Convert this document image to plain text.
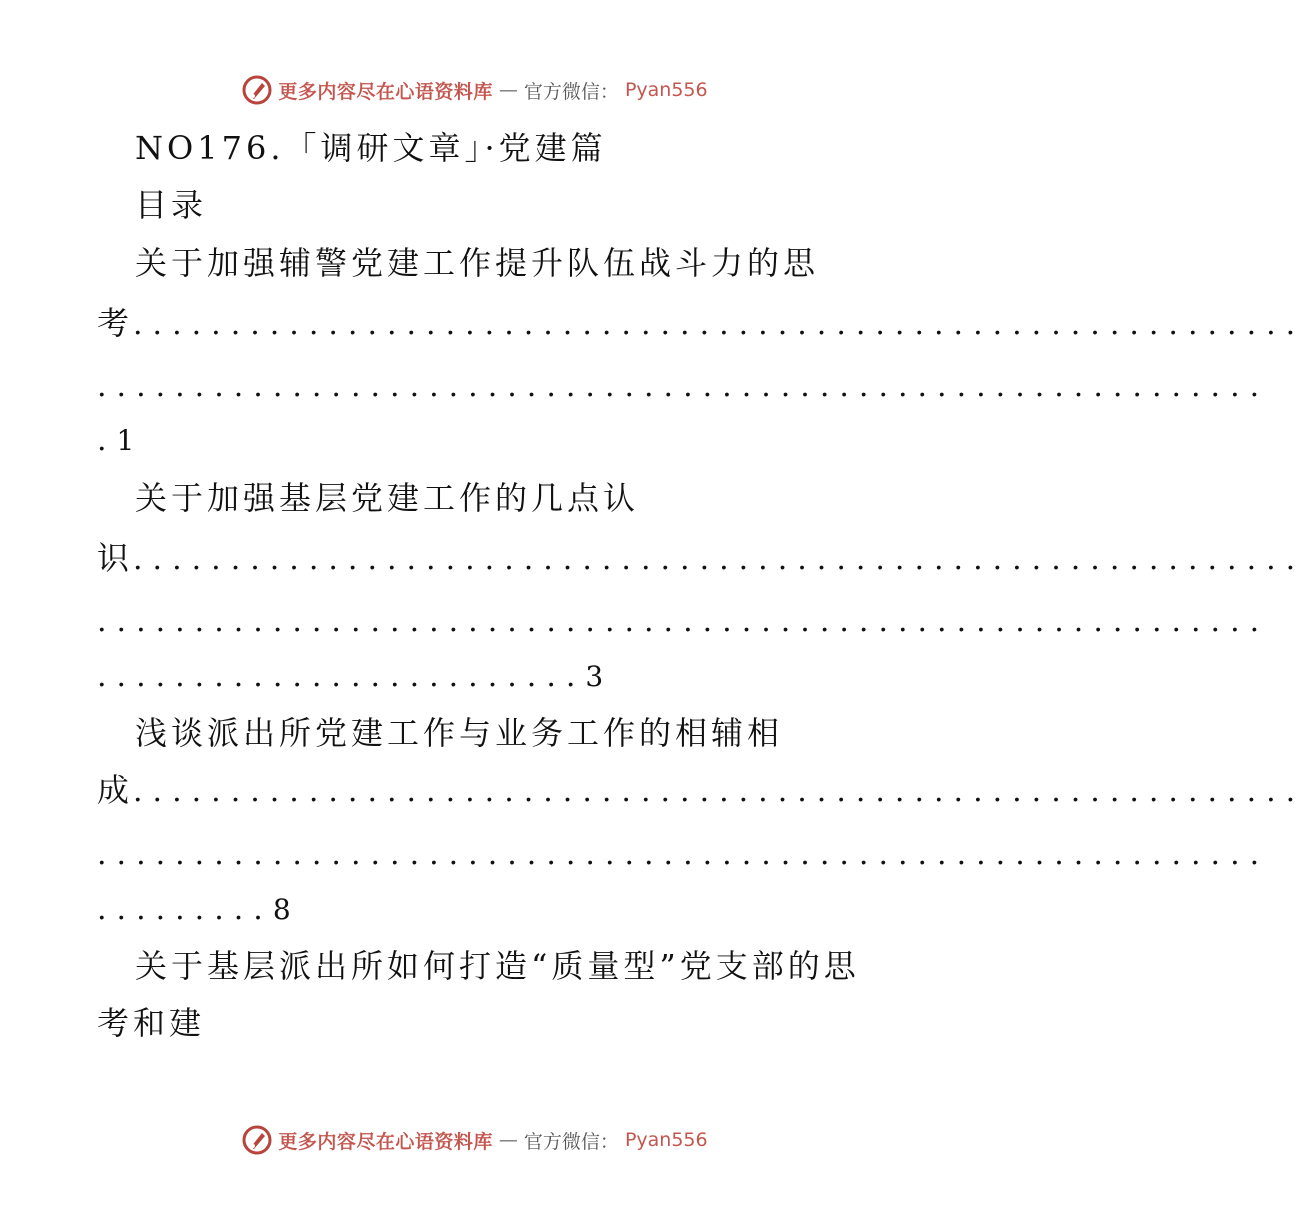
更多内容尽在心语资料库 — 官方微信： Pyan556
NO176.「调研文章」·党建篇
目录
关于加强辅警党建工作提升队伍战斗力的思
考............................................................
............................................................
.1
关于加强基层党建工作的几点认
识............................................................
............................................................
.........................3
浅谈派出所党建工作与业务工作的相辅相
成............................................................
............................................................
.........8
关于基层派出所如何打造“质量型”党支部的思
考和建
更多内容尽在心语资料库 — 官方微信： Pyan556
